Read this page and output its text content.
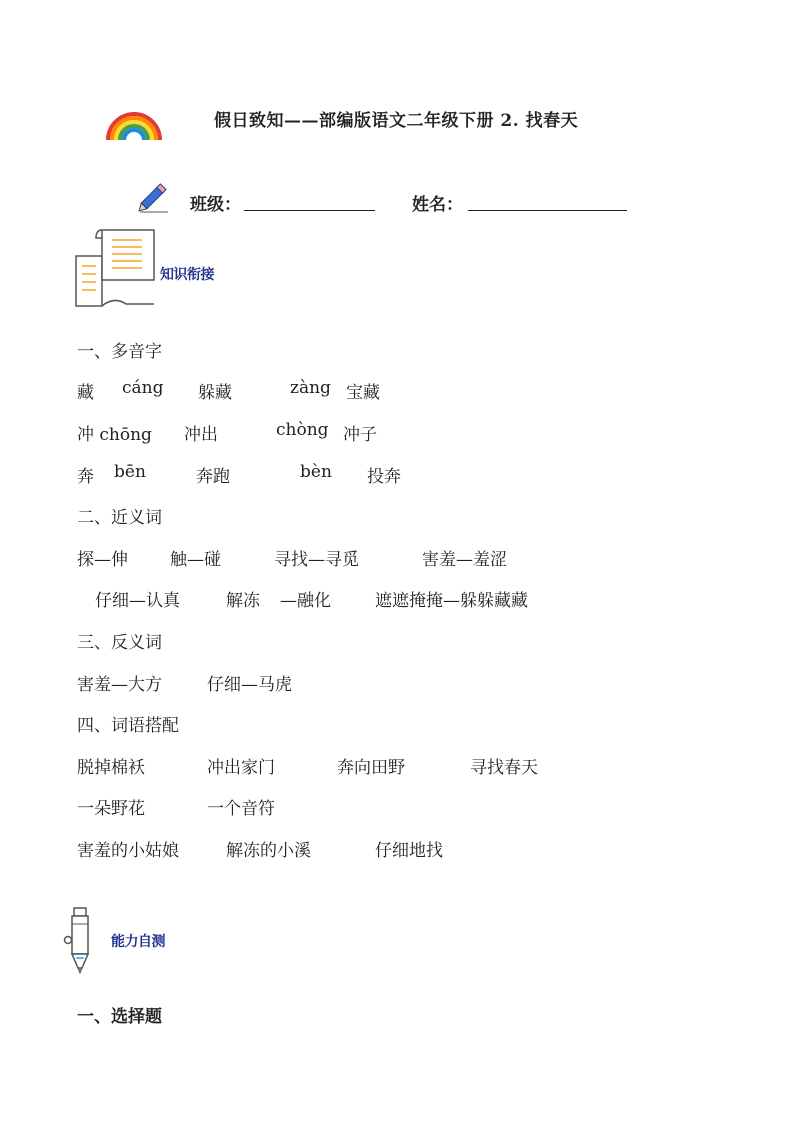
假日致知——部编版语文二年级下册 2. 找春天
班级：	姓名：
知识衔接
一、多音字
藏 cáng 躲藏	zàng 宝藏
冲 chōng 冲出	chòng 冲子
奔 bēn	奔跑	bèn 投奔
二、近义词
探—伸 触—碰	寻找—寻觅	害羞—羞涩
仔细—认真	解冻 —融化	遮遮掩掩—躲躲藏藏
三、反义词
害羞—大方	仔细—马虎
四、词语搭配
脱掉棉袄	冲出家门	奔向田野	寻找春天
一朵野花	一个音符
害羞的小姑娘	解冻的小溪	仔细地找
能力自测
一、选择题
